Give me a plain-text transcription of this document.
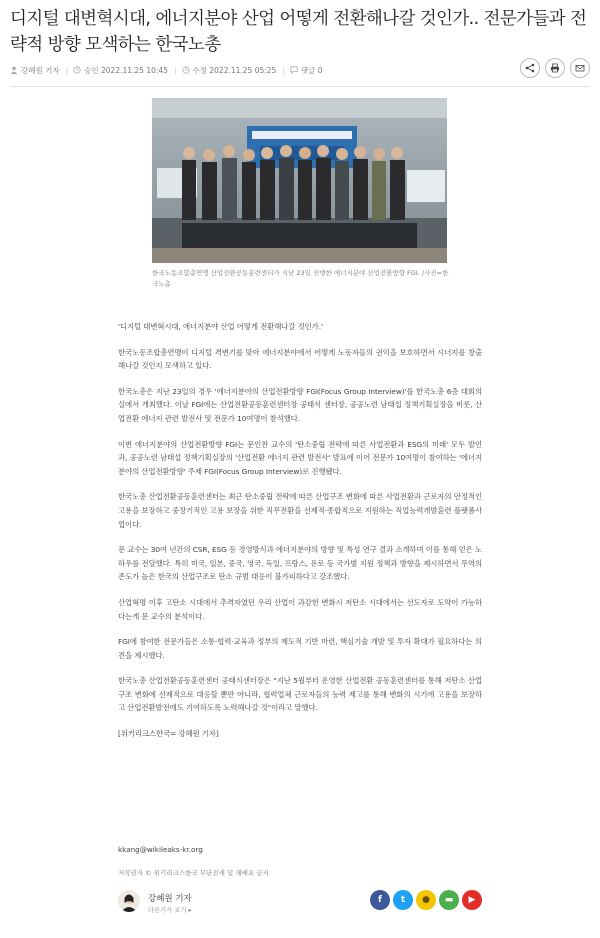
디지털 대변혁시대, 에너지분야 산업 어떻게 전환해나갈 것인가.. 전문가들과 전략적 방향 모색하는 한국노총
강혜원 기자 | 승인 2022.11.25 10:45 | 수정 2022.11.25 05:25 | 댓글 0
한국노동조합총연맹 산업전환공동훈련센터가 지난 23일 진행한 에너지분야 산업전환방향 FGI. /사진=한국노총

'디지털 대변혁시대, 에너지분야 산업 어떻게 전환해나갈 것인가.'

한국노동조합총연맹이 디지털 격변기를 맞아 에너지분야에서 어떻게 노동자들의 권익을 보호하면서 시너지를 창출해나갈 것인지 모색하고 있다.

한국노총은 지난 23일의 경우 '에너지분야의 산업전환방향 FGI(Focus Group Interview)'를 한국노총 6층 대회의실에서 개최했다. 이날 FGI에는 산업전환공동훈련센터장 공태식 센터장, 공공노련 남태섭 정책기획실장을 비롯, 산업전환 에너지 관련 발전사 및 전문가 10여명이 참석했다.

이번 에너지분야의 산업전환방향 FGI는 문인찬 교수의 '탄소중립 전략에 따른 사업전환과 ESG의 미래' 모두 발언과, 공공노련 남태섭 정책기획실장의 '산업전환 에너지 관련 발전사' 발표에 이어 전문가 10여명이 참여하는 '에너지분야의 산업전환방향' 주제 FGI(Focus Group Interview)로 진행됐다.

한국노총 산업전환공동훈련센터는 최근 탄소중립 전략에 따른 산업구조 변화에 따른 사업전환과 근로자의 안정적인 고용을 보장하고 중장기적인 고용 보장을 위한 직무전환을 선제적·종합적으로 지원하는 직업능력개발훈련 플랫폼사업이다.

문 교수는 30여 년간의 CSR, ESG 등 경영방식과 에너지분야의 방향 및 특성 연구 결과 소개하며 이를 통해 얻은 노하우를 전달했다. 특히 미국, 일본, 중국, 영국, 독일, 프랑스, 유로 등 국가별 지원 정책과 방향을 제시하면서 무역의존도가 높은 한국의 산업구조로 탄소 규범 대응이 불가피하다고 강조했다.

산업혁명 이후 고탄소 시대에서 추격자였던 우리 산업이 과감한 변화시 저탄소 시대에서는 선도자로 도약이 가능하다는게 문 교수의 분석이다.

FGI에 참여한 전문가들은 소통·협력·교육과 정부의 제도적 기반 마련, 핵심기술 개발 및 투자 확대가 필요하다는 의견을 제시했다.

한국노총 산업전환공동훈련센터 공태식센터장은 "지난 5월부터 운영한 산업전환 공동훈련센터를 통해 저탄소 산업구조 변화에 선제적으로 대응할 뿐만 아니라, 협력업체 근로자들의 능력 제고를 통해 변화의 시기에 고용을 보장하고 산업전환발전에도 기여하도록 노력해나갈 것"이라고 말했다.

[위키리크스한국= 강혜원 기자]

kkang@wikileaks-kr.org
저작권자 © 위키리크스한국 무단전재 및 재배포 금지
강혜원 기자
다른기사 보기 ▸
f	t	●	▬	▶
